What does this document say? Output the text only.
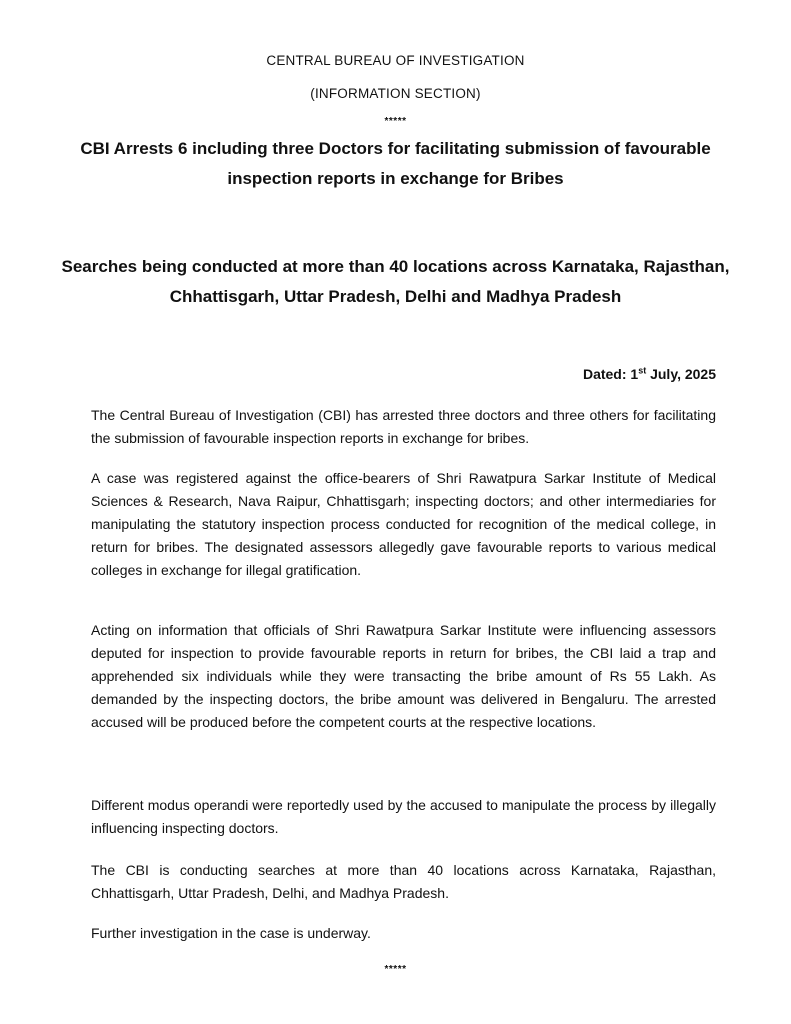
CENTRAL BUREAU OF INVESTIGATION
(INFORMATION SECTION)
*****
CBI Arrests 6 including three Doctors for facilitating submission of favourable inspection reports in exchange for Bribes
Searches being conducted at more than 40 locations across Karnataka, Rajasthan, Chhattisgarh, Uttar Pradesh, Delhi and Madhya Pradesh
Dated: 1st July, 2025
The Central Bureau of Investigation (CBI) has arrested three doctors and three others for facilitating the submission of favourable inspection reports in exchange for bribes.
A case was registered against the office-bearers of Shri Rawatpura Sarkar Institute of Medical Sciences & Research, Nava Raipur, Chhattisgarh; inspecting doctors; and other intermediaries for manipulating the statutory inspection process conducted for recognition of the medical college, in return for bribes. The designated assessors allegedly gave favourable reports to various medical colleges in exchange for illegal gratification.
Acting on information that officials of Shri Rawatpura Sarkar Institute were influencing assessors deputed for inspection to provide favourable reports in return for bribes, the CBI laid a trap and apprehended six individuals while they were transacting the bribe amount of Rs 55 Lakh. As demanded by the inspecting doctors, the bribe amount was delivered in Bengaluru. The arrested accused will be produced before the competent courts at the respective locations.
Different modus operandi were reportedly used by the accused to manipulate the process by illegally influencing inspecting doctors.
The CBI is conducting searches at more than 40 locations across Karnataka, Rajasthan, Chhattisgarh, Uttar Pradesh, Delhi, and Madhya Pradesh.
Further investigation in the case is underway.
*****
